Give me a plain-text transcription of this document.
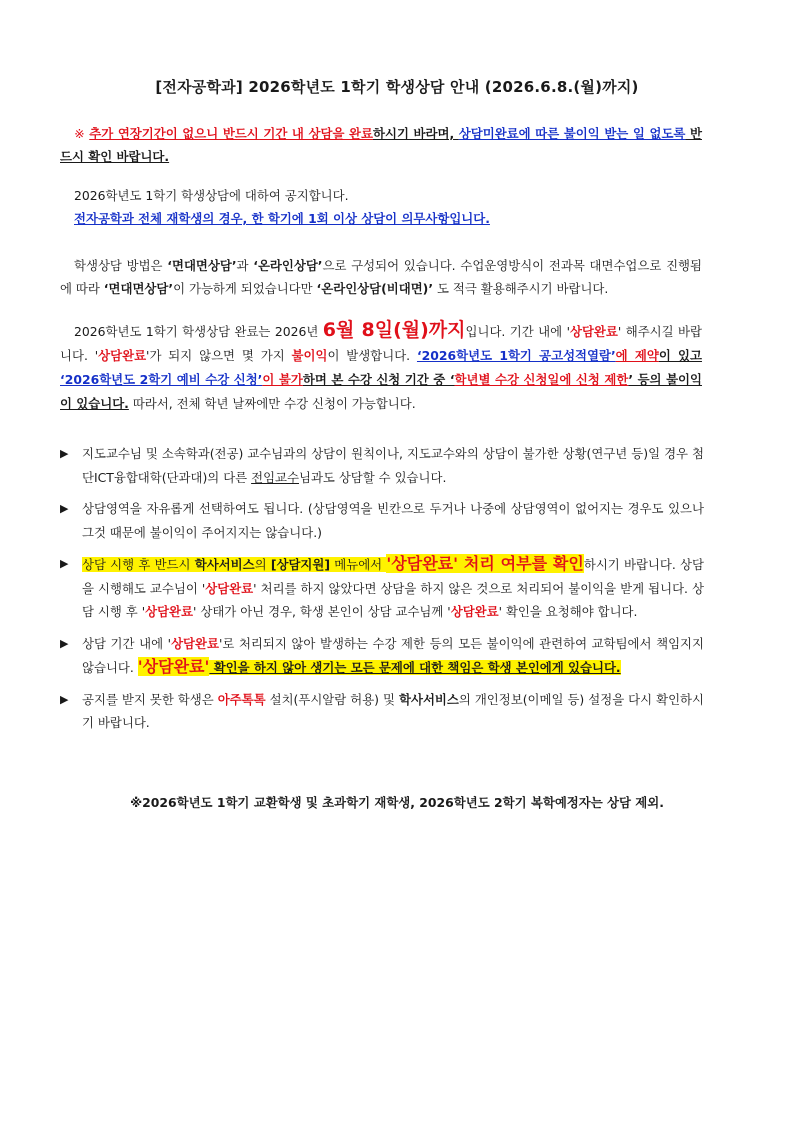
[전자공학과] 2026학년도 1학기 학생상담 안내 (2026.6.8.(월)까지)
※ 추가 연장기간이 없으니 반드시 기간 내 상담을 완료하시기 바라며, 상담미완료에 따른 불이익 받는 일 없도록 반드시 확인 바랍니다.
2026학년도 1학기 학생상담에 대하여 공지합니다.
전자공학과 전체 재학생의 경우, 한 학기에 1회 이상 상담이 의무사항입니다.
학생상담 방법은 ‘면대면상담’과 ‘온라인상담’으로 구성되어 있습니다. 수업운영방식이 전과목 대면수업으로 진행됨에 따라 ‘면대면상담’이 가능하게 되었습니다만 ‘온라인상담(비대면)’ 도 적극 활용해주시기 바랍니다.
2026학년도 1학기 학생상담 완료는 2026년 6월 8일(월)까지입니다. 기간 내에 '상담완료' 해주시길 바랍니다. '상담완료'가 되지 않으면 몇 가지 불이익이 발생합니다. ‘2026학년도 1학기 공고성적열람’에 제약이 있고 ‘2026학년도 2학기 예비 수강 신청’이 불가하며 본 수강 신청 기간 중 ‘학년별 수강 신청일에 신청 제한’ 등의 불이익이 있습니다. 따라서, 전체 학년 날짜에만 수강 신청이 가능합니다.
▶ 지도교수님 및 소속학과(전공) 교수님과의 상담이 원칙이나, 지도교수와의 상담이 불가한 상황(연구년 등)일 경우 첨단ICT융합대학(단과대)의 다른 전임교수님과도 상담할 수 있습니다.
▶ 상담영역을 자유롭게 선택하여도 됩니다. (상담영역을 빈칸으로 두거나 나중에 상담영역이 없어지는 경우도 있으나 그것 때문에 불이익이 주어지지는 않습니다.)
▶ 상담 시행 후 반드시 학사서비스의 [상담지원] 메뉴에서 '상담완료' 처리 여부를 확인하시기 바랍니다. 상담을 시행해도 교수님이 '상담완료' 처리를 하지 않았다면 상담을 하지 않은 것으로 처리되어 불이익을 받게 됩니다. 상담 시행 후 '상담완료' 상태가 아닌 경우, 학생 본인이 상담 교수님께 '상담완료' 확인을 요청해야 합니다.
▶ 상담 기간 내에 '상담완료'로 처리되지 않아 발생하는 수강 제한 등의 모든 불이익에 관련하여 교학팀에서 책임지지 않습니다. '상담완료' 확인을 하지 않아 생기는 모든 문제에 대한 책임은 학생 본인에게 있습니다.
▶ 공지를 받지 못한 학생은 아주톡톡 설치(푸시알람 허용) 및 학사서비스의 개인정보(이메일 등) 설정을 다시 확인하시기 바랍니다.
※2026학년도 1학기 교환학생 및 초과학기 재학생, 2026학년도 2학기 복학예정자는 상담 제외.
